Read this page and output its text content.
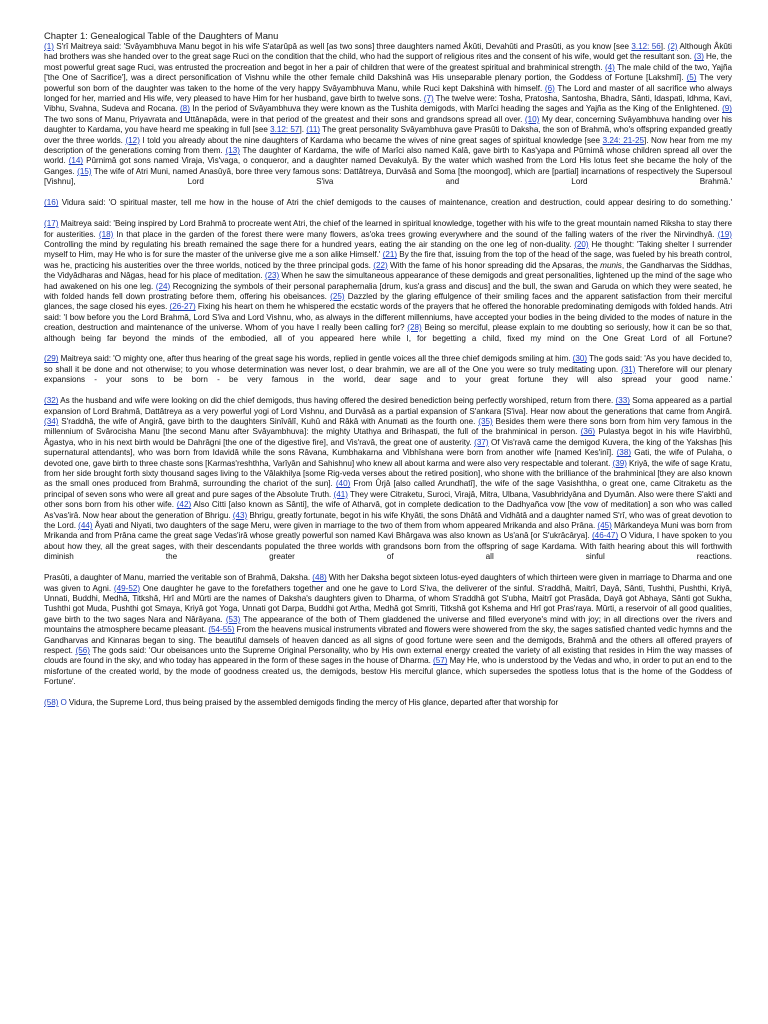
Chapter 1: Genealogical Table of the Daughters of Manu

(1) S'rî Maitreya said: 'Svâyambhuva Manu begot in his wife S'atarûpâ as well [as two sons] three daughters named Âkûti, Devahûti and Prasûti, as you know [see 3.12: 56]. (2) Although Âkûti had brothers was she handed over to the great sage Ruci on the condition that the child, who had the support of religious rites and the consent of his wife, would get the resultant son. (3) He, the most powerful great sage Ruci, was entrusted the procreation and begot in her a pair of children that were of the greatest spiritual and brahminical strength. (4) The male child of the two, Yajña ['the One of Sacrifice'], was a direct personification of Vishnu while the other female child Dakshinâ was His unseparable plenary portion, the Goddess of Fortune [Lakshmî]. (5) The very powerful son born of the daughter was taken to the home of the very happy Svâyambhuva Manu, while Ruci kept Dakshinâ with himself. (6) The Lord and master of all sacrifice who always longed for her, married and His wife, very pleased to have Him for her husband, gave birth to twelve sons. (7) The twelve were: Tosha, Pratosha, Santosha, Bhadra, Sânti, Idaspati, Idhma, Kavi, Vibhu, Svahna, Sudeva and Rocana. (8) In the period of Svâyambhuva they were known as the Tushita demigods, with Marîci heading the sages and Yajña as the King of the Enlightened. (9) The two sons of Manu, Priyavrata and Uttânapâda, were in that period of the greatest and their sons and grandsons spread all over. (10) My dear, concerning Svâyambhuva handing over his daughter to Kardama, you have heard me speaking in full [see 3.12: 57]. (11) The great personality Svâyambhuva gave Prasûti to Daksha, the son of Brahmâ, who's offspring expanded greatly over the three worlds. (12) I told you already about the nine daughters of Kardama who became the wives of nine great sages of spiritual knowledge [see 3.24: 21-25]. Now hear from me my description of the generations coming from them. (13) The daughter of Kardama, the wife of Marîci also named Kalâ, gave birth to Kas'yapa and Pûrnimâ whose children spread all over the world. (14) Pûrnimâ got sons named Viraja, Vis'vaga, o conqueror, and a daughter named Devakulyâ. By the water which washed from the Lord His lotus feet she became the holy of the Ganges. (15) The wife of Atri Muni, named Anasûyâ, bore three very famous sons: Dattâtreya, Durvâsâ and Soma [the moongod], which are [partial] incarnations of respectively the Supersoul [Vishnu], Lord S'iva and Lord Brahmâ.'

(16) Vidura said: 'O spiritual master, tell me how in the house of Atri the chief demigods to the causes of maintenance, creation and destruction, could appear desiring to do something.'

(17) Maitreya said: 'Being inspired by Lord Brahmâ to procreate went Atri, the chief of the learned in spiritual knowledge, together with his wife to the great mountain named Riksha to stay there for austerities. (18) In that place in the garden of the forest there were many flowers, as'oka trees growing everywhere and the sound of the falling waters of the river the Nirvindhyâ. (19) Controlling the mind by regulating his breath remained the sage there for a hundred years, eating the air standing on the one leg of non-duality. (20) He thought: 'Taking shelter I surrender myself to Him, may He who is for sure the master of the universe give me a son alike Himself.' (21) By the fire that, issuing from the top of the head of the sage, was fueled by his breath control, was he, practicing his austerities over the three worlds, noticed by the three principal gods. (22) With the fame of his honor spreading did the Apsaras, the munis, the Gandharvas the Siddhas, the Vidyâdharas and Nâgas, head for his place of meditation. (23) When he saw the simultaneous appearance of these demigods and great personalities, lightened up the mind of the sage who had awakened on his one leg. (24) Recognizing the symbols of their personal paraphernalia [drum, kus'a grass and discus] and the bull, the swan and Garuda on which they were seated, he with folded hands fell down prostrating before them, offering his obeisances. (25) Dazzled by the glaring effulgence of their smiling faces and the apparent satisfaction from their merciful glances, the sage closed his eyes. (26-27) Fixing his heart on them he whispered the ecstatic words of the prayers that he offered the honorable predominating demigods with folded hands. Atri said: 'I bow before you the Lord Brahmâ, Lord S'iva and Lord Vishnu, who, as always in the different millenniums, have accepted your bodies in the being divided to the modes of nature in the creation, destruction and maintenance of the universe. Whom of you have I really been calling for? (28) Being so merciful, please explain to me doubting so seriously, how it can be so that, although being far beyond the minds of the embodied, all of you appeared here while I, for begetting a child, fixed my mind on the One Great Lord of all Fortune?

(29) Maitreya said: 'O mighty one, after thus hearing of the great sage his words, replied in gentle voices all the three chief demigods smiling at him. (30) The gods said: 'As you have decided to, so shall it be done and not otherwise; to you whose determination was never lost, o dear brahmin, we are all of the One you were so truly meditating upon. (31) Therefore will our plenary expansions - your sons to be born - be very famous in the world, dear sage and to your great fortune they will also spread your good name.'

(32) As the husband and wife were looking on did the chief demigods, thus having offered the desired benediction being perfectly worshiped, return from there. (33) Soma appeared as a partial expansion of Lord Brahmâ, Dattâtreya as a very powerful yogi of Lord Vishnu, and Durvâsâ as a partial expansion of S'ankara [S'iva]. Hear now about the generations that came from Angirâ. (34) S'raddhâ, the wife of Angirâ, gave birth to the daughters Sinîvâlî, Kuhû and Râkâ with Anumati as the fourth one. (35) Besides them were there sons born from him very famous in the millennium of Svârocisha Manu [the second Manu after Svâyambhuva]: the mighty Utathya and Brihaspati, the full of the brahminical in person. (36) Pulastya begot in his wife Havirbhû, Âgastya, who in his next birth would be Dahrâgni [the one of the digestive fire], and Vis'ravâ, the great one of austerity. (37) Of Vis'ravâ came the demigod Kuvera, the king of the Yakshas [his supernatural attendants], who was born from Idavidâ while the sons Râvana, Kumbhakarna and Vibhîshana were born from another wife [named Kes'inî]. (38) Gati, the wife of Pulaha, o devoted one, gave birth to three chaste sons [Karmas'reshthha, Varîyân and Sahishnu] who knew all about karma and were also very respectable and tolerant. (39) Kriyâ, the wife of sage Kratu, from her side brought forth sixty thousand sages living to the Vâlakhilya [some Rig-veda verses about the retired position], who shone with the brilliance of the brahminical [they are also known as the small ones produced from Brahmâ, surrounding the chariot of the sun]. (40) From Ûrjâ [also called Arundhatî], the wife of the sage Vasishthha, o great one, came Citraketu as the principal of seven sons who were all great and pure sages of the Absolute Truth. (41) They were Citraketu, Suroci, Virajâ, Mitra, Ulbana, Vasubhridyâna and Dyumân. Also were there S'akti and other sons born from his other wife. (42) Also Citti [also known as Sânti], the wife of Atharvâ, got in complete dedication to the Dadhyañca vow [the vow of meditation] a son who was called As'vas'irâ. Now hear about the generation of Bhrigu. (43) Bhrigu, greatly fortunate, begot in his wife Khyâti, the sons Dhâtâ and Vidhâtâ and a daughter named S'rî, who was of great devotion to the Lord. (44) Âyati and Niyati, two daughters of the sage Meru, were given in marriage to the two of them from whom appeared Mrikanda and also Prâna. (45) Mârkandeya Muni was born from Mrikanda and from Prâna came the great sage Vedas'irâ whose greatly powerful son named Kavi Bhârgava was also known as Us'anâ [or S'ukrâcârya]. (46-47) O Vidura, I have spoken to you about how they, all the great sages, with their descendants populated the three worlds with grandsons born from the offspring of sage Kardama. With faith hearing about this will forthwith diminish the greater of all sinful reactions.

Prasûti, a daughter of Manu, married the veritable son of Brahmâ, Daksha. (48) With her Daksha begot sixteen lotus-eyed daughters of which thirteen were given in marriage to Dharma and one was given to Agni. (49-52) One daughter he gave to the forefathers together and one he gave to Lord S'iva, the deliverer of the sinful. S'raddhâ, Maitrî, Dayâ, Sânti, Tushthi, Pushthi, Kriyâ, Unnati, Buddhi, Medhâ, Titkshâ, Hrî and Mûrti are the names of Daksha's daughters given to Dharma, of whom S'raddhâ got S'ubha, Maitrî got Prasâda, Dayâ got Abhaya, Sânti got Sukha, Tushthi got Muda, Pushthi got Smaya, Kriyâ got Yoga, Unnati got Darpa, Buddhi got Artha, Medhâ got Smriti, Titkshâ got Kshema and Hrî got Pras'raya. Mûrti, a reservoir of all good qualities, gave birth to the two sages Nara and Nârâyana. (53) The appearance of the both of Them gladdened the universe and filled everyone's mind with joy; in all directions over the rivers and mountains the atmosphere became pleasant. (54-55) From the heavens musical instruments vibrated and flowers were showered from the sky, the sages satisfied chanted vedic hymns and the Gandharvas and Kinnaras began to sing. The beautiful damsels of heaven danced as all signs of good fortune were seen and the demigods, Brahmâ and the others all offered prayers of respect. (56) The gods said: 'Our obeisances unto the Supreme Original Personality, who by His own external energy created the variety of all existing that resides in Him the way masses of clouds are found in the sky, and who today has appeared in the form of these sages in the house of Dharma. (57) May He, who is understood by the Vedas and who, in order to put an end to the misfortune of the created world, by the mode of goodness created us, the demigods, bestow His merciful glance, which supersedes the spotless lotus that is the home of the Goddess of Fortune'.

(58) O Vidura, the Supreme Lord, thus being praised by the assembled demigods finding the mercy of His glance, departed after that worship for
